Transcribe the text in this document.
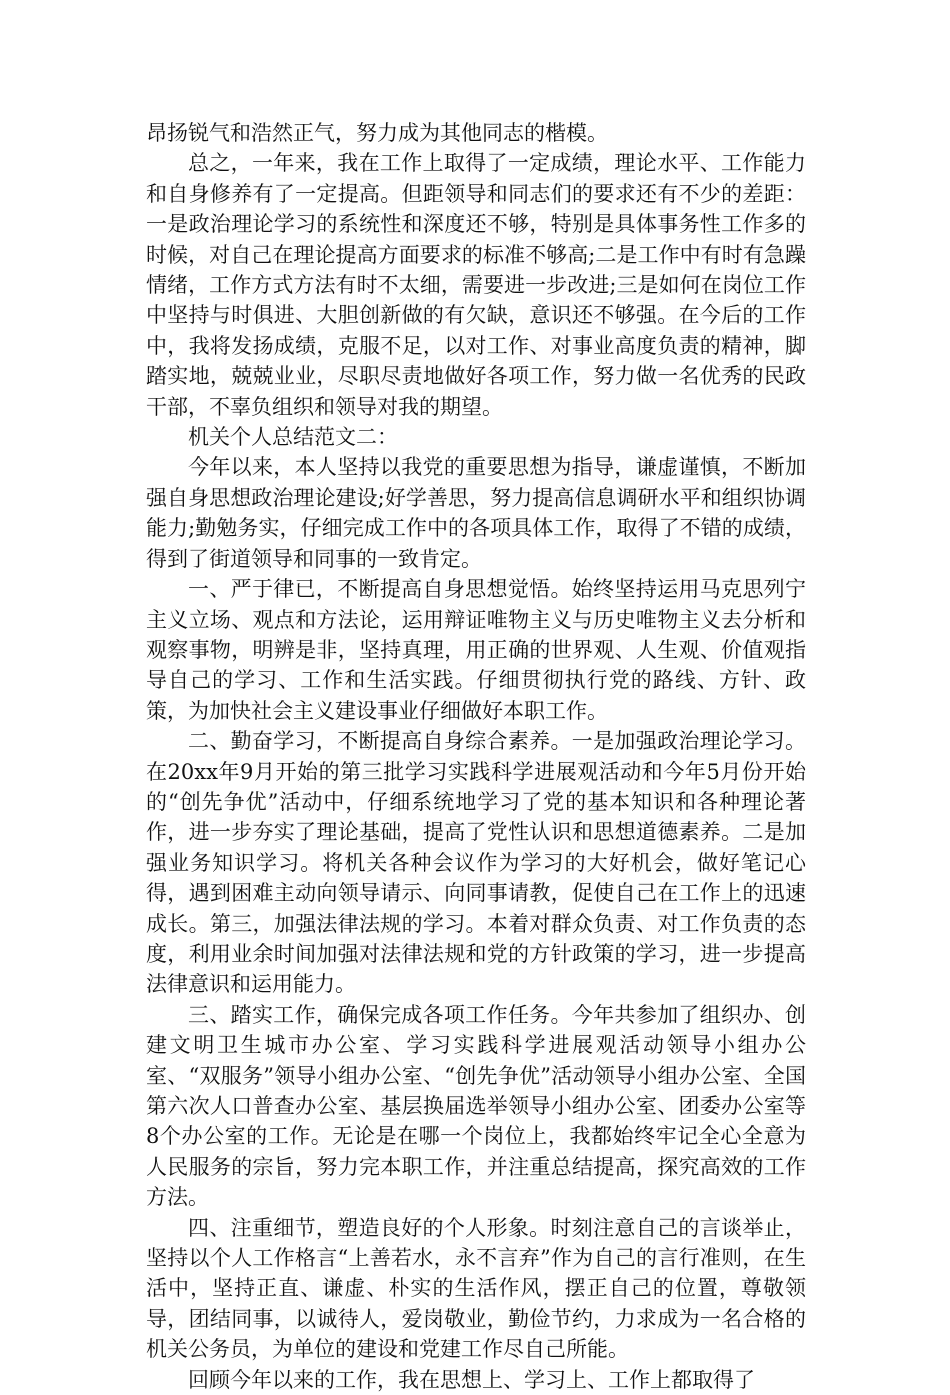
昂扬锐气和浩然正气，努力成为其他同志的楷模。

总之，一年来，我在工作上取得了一定成绩，理论水平、工作能力和自身修养有了一定提高。但距领导和同志们的要求还有不少的差距：一是政治理论学习的系统性和深度还不够，特别是具体事务性工作多的时候，对自己在理论提高方面要求的标准不够高;二是工作中有时有急躁情绪，工作方式方法有时不太细，需要进一步改进;三是如何在岗位工作中坚持与时俱进、大胆创新做的有欠缺，意识还不够强。在今后的工作中，我将发扬成绩，克服不足，以对工作、对事业高度负责的精神，脚踏实地，兢兢业业，尽职尽责地做好各项工作，努力做一名优秀的民政干部，不辜负组织和领导对我的期望。

机关个人总结范文二：

今年以来，本人坚持以我党的重要思想为指导，谦虚谨慎，不断加强自身思想政治理论建设;好学善思，努力提高信息调研水平和组织协调能力;勤勉务实，仔细完成工作中的各项具体工作，取得了不错的成绩，得到了街道领导和同事的一致肯定。

一、严于律已，不断提高自身思想觉悟。始终坚持运用马克思列宁主义立场、观点和方法论，运用辩证唯物主义与历史唯物主义去分析和观察事物，明辨是非，坚持真理，用正确的世界观、人生观、价值观指导自己的学习、工作和生活实践。仔细贯彻执行党的路线、方针、政策，为加快社会主义建设事业仔细做好本职工作。

二、勤奋学习，不断提高自身综合素养。一是加强政治理论学习。在20xx年9月开始的第三批学习实践科学进展观活动和今年5月份开始的“创先争优”活动中，仔细系统地学习了党的基本知识和各种理论著作，进一步夯实了理论基础，提高了党性认识和思想道德素养。二是加强业务知识学习。将机关各种会议作为学习的大好机会，做好笔记心得，遇到困难主动向领导请示、向同事请教，促使自己在工作上的迅速成长。第三，加强法律法规的学习。本着对群众负责、对工作负责的态度，利用业余时间加强对法律法规和党的方针政策的学习，进一步提高法律意识和运用能力。

三、踏实工作，确保完成各项工作任务。今年共参加了组织办、创建文明卫生城市办公室、学习实践科学进展观活动领导小组办公室、“双服务”领导小组办公室、“创先争优”活动领导小组办公室、全国第六次人口普查办公室、基层换届选举领导小组办公室、团委办公室等8个办公室的工作。无论是在哪一个岗位上，我都始终牢记全心全意为人民服务的宗旨，努力完本职工作，并注重总结提高，探究高效的工作方法。

四、注重细节，塑造良好的个人形象。时刻注意自己的言谈举止，坚持以个人工作格言“上善若水，永不言弃”作为自己的言行准则，在生活中，坚持正直、谦虚、朴实的生活作风，摆正自己的位置，尊敬领导，团结同事，以诚待人，爱岗敬业，勤俭节约，力求成为一名合格的机关公务员，为单位的建设和党建工作尽自己所能。

回顾今年以来的工作，我在思想上、学习上、工作上都取得了
